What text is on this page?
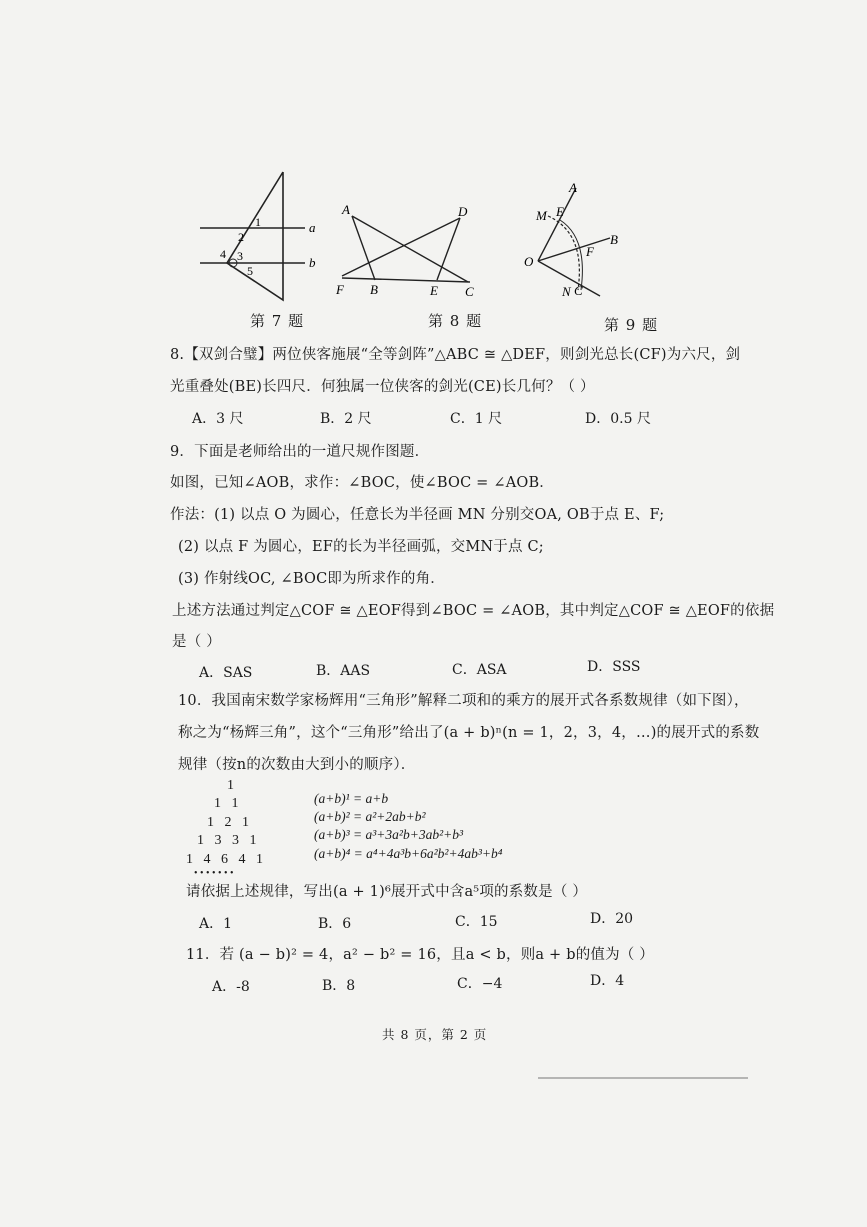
a
b
1
2
3
4
5
第 7 题
A	D
F B	E C
第 8 题
A
M E
B
O
F
N C
第 9 题
8.【双剑合璧】两位侠客施展“全等剑阵”△ABC ≅ △DEF，则剑光总长(CF)为六尺，剑
光重叠处(BE)长四尺．何独属一位侠客的剑光(CE)长几何？（ ）
A．3 尺	B．2 尺	C．1 尺	D．0.5 尺
9．下面是老师给出的一道尺规作图题．
如图，已知∠AOB，求作：∠BOC，使∠BOC = ∠AOB．
作法：(1) 以点 O 为圆心，任意长为半径画 MN 分别交OA, OB于点 E、F;
(2) 以点 F 为圆心，EF的长为半径画弧，交MN于点 C;
(3) 作射线OC, ∠BOC即为所求作的角．
上述方法通过判定△COF ≅ △EOF得到∠BOC = ∠AOB，其中判定△COF ≅ △EOF的依据
是（ ）
A．SAS	B．AAS	C．ASA	D．SSS
10．我国南宋数学家杨辉用“三角形”解释二项和的乘方的展开式各系数规律（如下图），
称之为“杨辉三角”，这个“三角形”给出了(a + b)ⁿ(n = 1，2，3，4，…)的展开式的系数
规律（按n的次数由大到小的顺序）．
1
1   1
1   2   1
1   3   3   1
1   4   6   4   1
• • • • • • •
(a+b)¹ = a+b
(a+b)² = a²+2ab+b²
(a+b)³ = a³+3a²b+3ab²+b³
(a+b)⁴ = a⁴+4a³b+6a²b²+4ab³+b⁴
请依据上述规律，写出(a + 1)⁶展开式中含a⁵项的系数是（ ）
A．1	B．6	C．15	D．20
11．若 (a − b)² = 4，a² − b² = 16，且a < b，则a + b的值为（ ）
A．-8	B．8	C．−4	D．4
共 8 页，第 2 页
